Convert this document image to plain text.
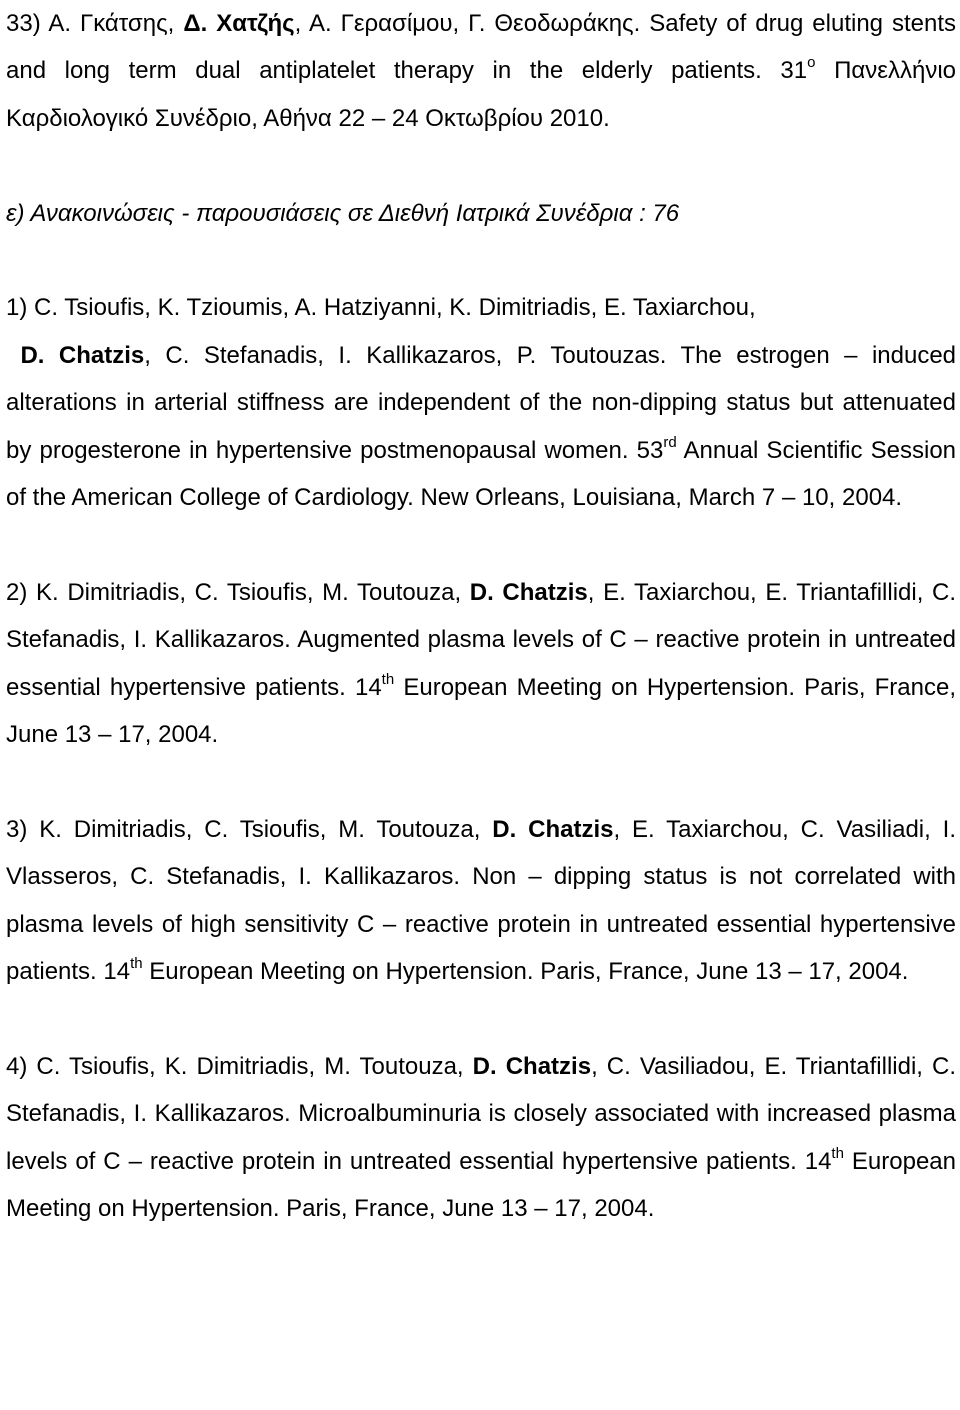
33) Α. Γκάτσης, Δ. Χατζής, Α. Γερασίμου, Γ. Θεοδωράκης. Safety of drug eluting stents and long term dual antiplatelet therapy in the elderly patients. $31^o$ Πανελλήνιο Καρδιολογικό Συνέδριο, Αθήνα 22 – 24 Οκτωβρίου 2010.

ε) Ανακοινώσεις - παρουσιάσεις σε Διεθνή Ιατρικά Συνέδρια : 76

1) C. Tsioufis, K. Tzioumis, A. Hatziyanni, K. Dimitriadis, E. Taxiarchou,
D. Chatzis, C. Stefanadis, I. Kallikazaros, P. Toutouzas. The estrogen – induced alterations in arterial stiffness are independent of the non-dipping status but attenuated by progesterone in hypertensive postmenopausal women. 53rd Annual Scientific Session of the American College of Cardiology. New Orleans, Louisiana, March 7 – 10, 2004.

2) K. Dimitriadis, C. Tsioufis, M. Toutouza, D. Chatzis, E. Taxiarchou, E. Triantafillidi, C. Stefanadis, I. Kallikazaros. Augmented plasma levels of C – reactive protein in untreated essential hypertensive patients. 14th European Meeting on Hypertension. Paris, France, June 13 – 17, 2004.

3) K. Dimitriadis, C. Tsioufis, M. Toutouza, D. Chatzis, E. Taxiarchou, C. Vasiliadi, I. Vlasseros, C. Stefanadis, I. Kallikazaros. Non – dipping status is not correlated with plasma levels of high sensitivity C – reactive protein in untreated essential hypertensive patients. 14th European Meeting on Hypertension. Paris, France, June 13 – 17, 2004.

4) C. Tsioufis, K. Dimitriadis, M. Toutouza, D. Chatzis, C. Vasiliadou, E. Triantafillidi, C. Stefanadis, I. Kallikazaros. Microalbuminuria is closely associated with increased plasma levels of C – reactive protein in untreated essential hypertensive patients. 14th European Meeting on Hypertension. Paris, France, June 13 – 17, 2004.
